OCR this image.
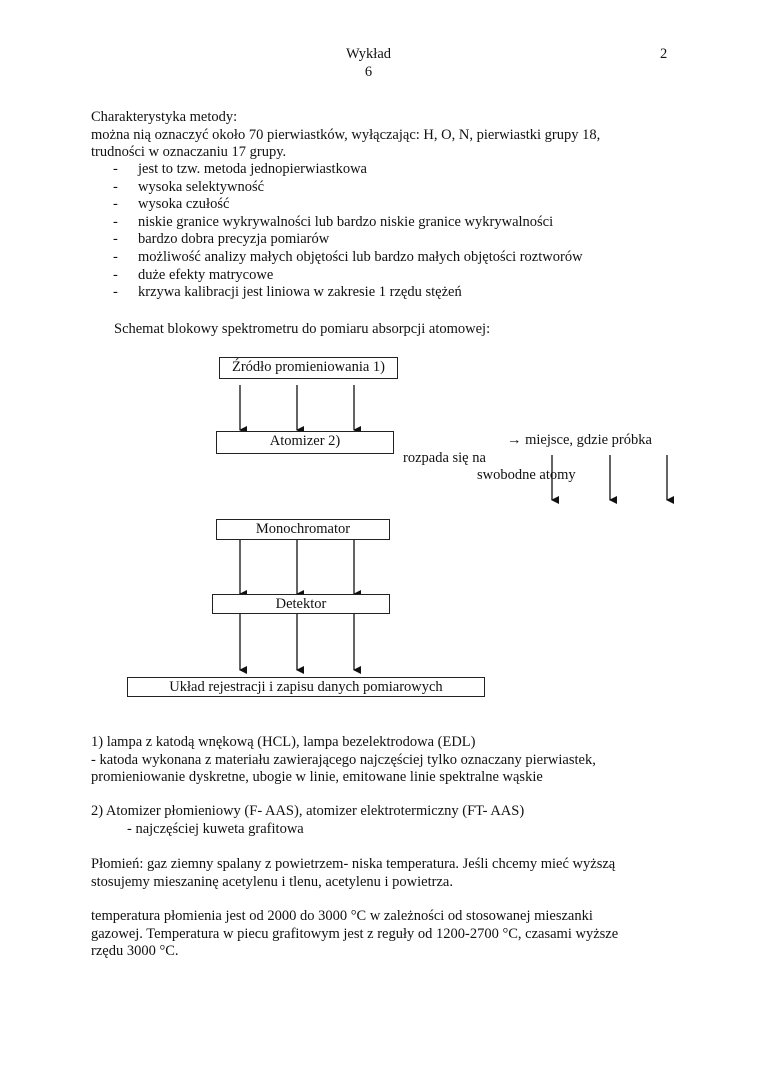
Wykład
6
2
Charakterystyka metody:
można nią oznaczyć około 70 pierwiastków, wyłączając: H, O, N, pierwiastki grupy 18,
trudności w oznaczaniu 17 grupy.
- jest to tzw. metoda jednopierwiastkowa
- wysoka selektywność
- wysoka czułość
- niskie granice wykrywalności lub bardzo niskie granice wykrywalności
- bardzo dobra precyzja pomiarów
- możliwość analizy małych objętości lub bardzo małych objętości roztworów
- duże efekty matrycowe
- krzywa kalibracji jest liniowa w zakresie 1 rzędu stężeń
Schemat blokowy spektrometru do pomiaru absorpcji atomowej:
Źródło promieniowania 1)
Atomizer 2)
Monochromator
Detektor
Układ rejestracji i zapisu danych pomiarowych
→ miejsce, gdzie próbka
rozpada się na
swobodne atomy
1) lampa z katodą wnękową (HCL), lampa bezelektrodowa (EDL)
- katoda wykonana z materiału zawierającego najczęściej tylko oznaczany pierwiastek,
promieniowanie dyskretne, ubogie w linie, emitowane linie spektralne wąskie
2) Atomizer płomieniowy (F- AAS), atomizer elektrotermiczny (FT- AAS)
- najczęściej kuweta grafitowa
Płomień: gaz ziemny spalany z powietrzem- niska temperatura. Jeśli chcemy mieć wyższą
stosujemy mieszaninę acetylenu i tlenu, acetylenu i powietrza.
temperatura płomienia jest od 2000 do 3000 °C w zależności od stosowanej mieszanki
gazowej. Temperatura w piecu grafitowym jest z reguły od 1200-2700 °C, czasami wyższe
rzędu 3000 °C.
